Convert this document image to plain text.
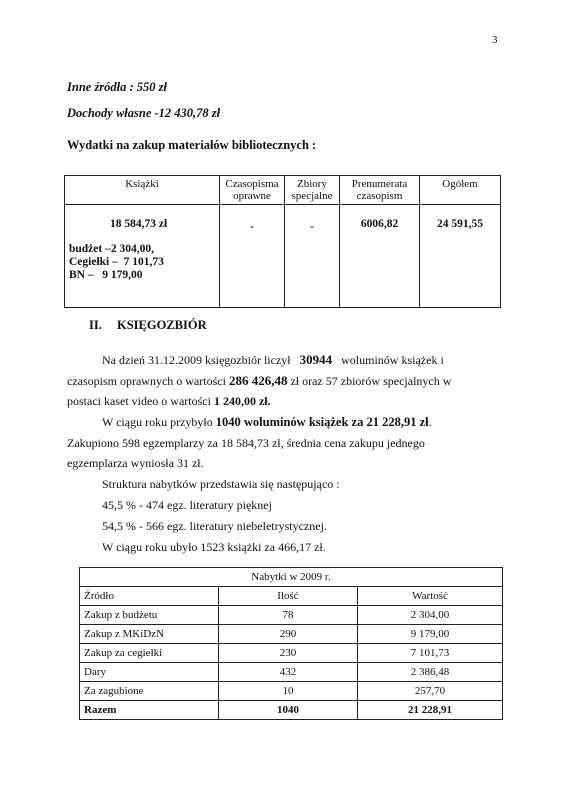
3
Inne źródła : 550 zł
Dochody własne -12 430,78 zł
Wydatki na zakup materiałów bibliotecznych :
Książki	Czasopisma oprawne	Zbiory specjalne	Prenumerata czasopism	Ogółem

18 584,73 zł
budżet –2 304,00,
Cegiełki –  7 101,73
BN –   9 179,00	-	-	6006,82	24 591,55
II. KSIĘGOZBIÓR
Na dzień 31.12.2009 księgozbiór liczył 30944 woluminów książek i
czasopism oprawnych o wartości 286 426,48 zł oraz 57 zbiorów specjalnych w
postaci kaset video o wartości 1 240,00 zł.
W ciągu roku przybyło 1040 woluminów książek za 21 228,91 zł.
Zakupiono 598 egzemplarzy za 18 584,73 zł, średnia cena zakupu jednego
egzemplarza wyniosła 31 zł.
Struktura nabytków przedstawia się następująco :
45,5 % - 474 egz. literatury pięknej
54,5 % - 566 egz. literatury niebeletrystycznej.
W ciągu roku ubyło 1523 książki za 466,17 zł.
Nabytki w 2009 r.		
Źródło	Ilość	Wartość
Zakup z budżetu	78	2 304,00
Zakup z MKiDzN	290	9 179,00
Zakup za cegiełki	230	7 101,73
Dary	432	2 386,48
Za zagubione	10	257,70
Razem	1040	21 228,91
